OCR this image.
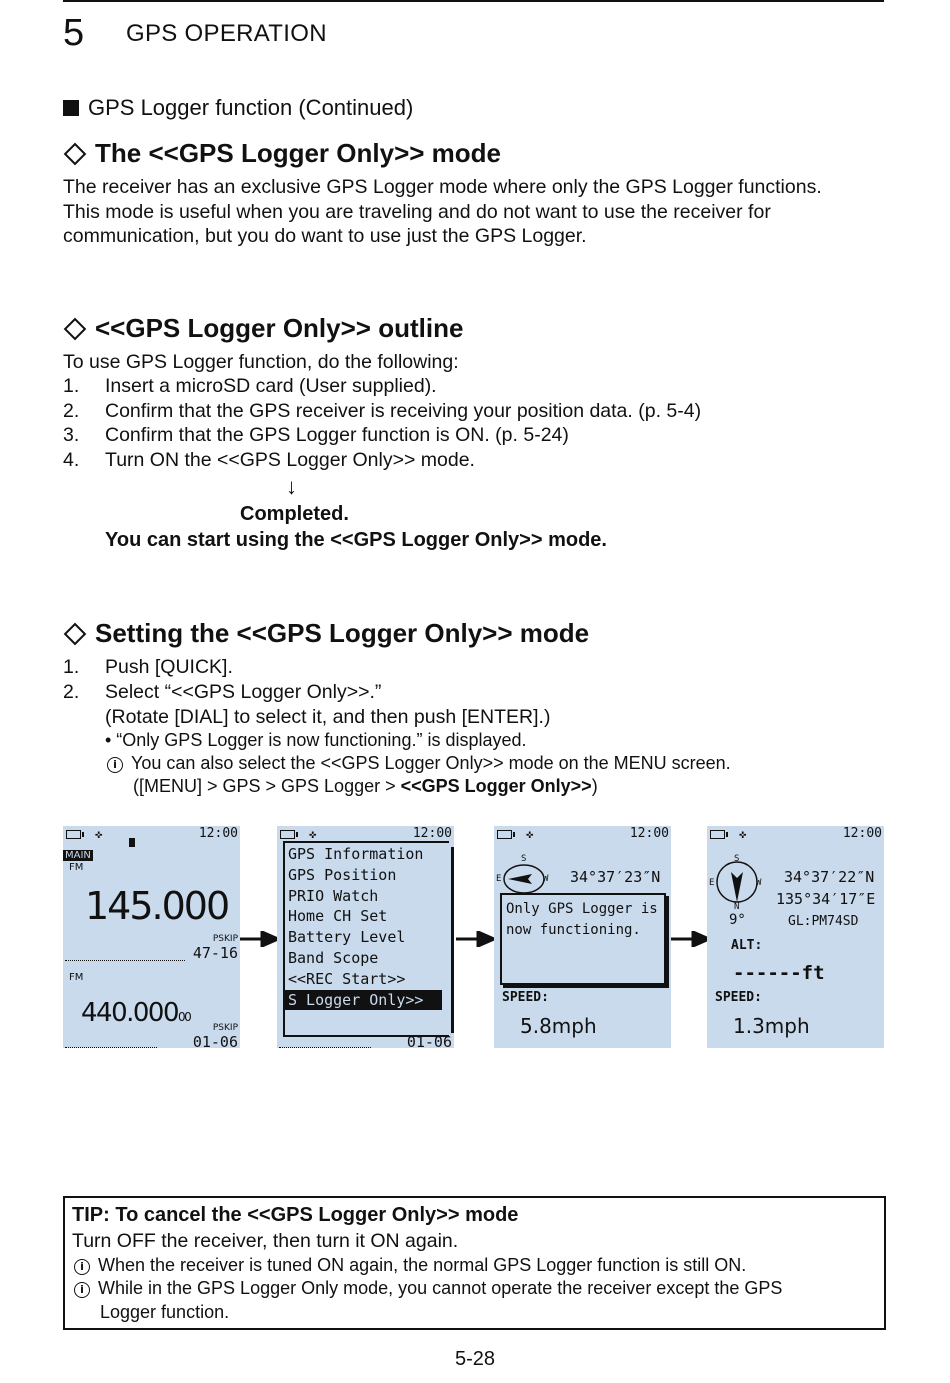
5 GPS OPERATION
GPS Logger function (Continued)
The <<GPS Logger Only>> mode
The receiver has an exclusive GPS Logger mode where only the GPS Logger functions.
This mode is useful when you are traveling and do not want to use the receiver for
communication, but you do want to use just the GPS Logger.
<<GPS Logger Only>> outline
To use GPS Logger function, do the following:
1. Insert a microSD card (User supplied).
2. Confirm that the GPS receiver is receiving your position data. (p. 5-4)
3. Confirm that the GPS Logger function is ON. (p. 5-24)
4. Turn ON the <<GPS Logger Only>> mode.
↓
Completed.
You can start using the <<GPS Logger Only>> mode.
Setting the <<GPS Logger Only>> mode
1. Push [QUICK].
2. Select “<<GPS Logger Only>>.”
(Rotate [DIAL] to select it, and then push [ENTER].)
• “Only GPS Logger is now functioning.” is displayed.
i You can also select the <<GPS Logger Only>> mode on the MENU screen.
([MENU] > GPS > GPS Logger > <<GPS Logger Only>>)
✜	12:00
MAIN
FM
145.000
PSKIP
47-16
FM
440.00000
PSKIP
01-06
✜	12:00
GPS Information
GPS Position
PRIO Watch
Home CH Set
Battery Level
Band Scope
<<REC Start>>
S Logger Only>>
01-06
✜	12:00
S
E	W 34°37′23″N
Only GPS Logger is
now functioning.
SPEED:
5.8mph
✜	12:00
S
E	W
N
9°
34°37′22″N
135°34′17″E
GL:PM74SD
ALT:
------ft
SPEED:
1.3mph
TIP: To cancel the <<GPS Logger Only>> mode
Turn OFF the receiver, then turn it ON again.
i When the receiver is tuned ON again, the normal GPS Logger function is still ON.
i While in the GPS Logger Only mode, you cannot operate the receiver except the GPS
Logger function.
5-28
